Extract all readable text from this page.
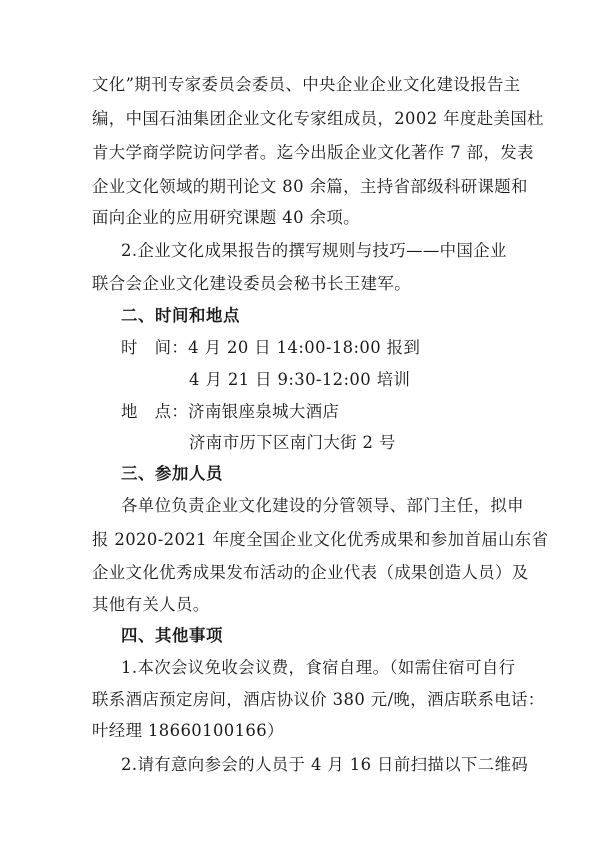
文化”期刊专家委员会委员、中央企业企业文化建设报告主
编，中国石油集团企业文化专家组成员，2002 年度赴美国杜
肯大学商学院访问学者。迄今出版企业文化著作 7 部，发表
企业文化领域的期刊论文 80 余篇，主持省部级科研课题和
面向企业的应用研究课题 40 余项。
2.企业文化成果报告的撰写规则与技巧——中国企业
联合会企业文化建设委员会秘书长王建军。
二、时间和地点
时　间：4 月 20 日 14:00-18:00 报到
4 月 21 日 9:30-12:00 培训
地　点：济南银座泉城大酒店
济南市历下区南门大街 2 号
三、参加人员
各单位负责企业文化建设的分管领导、部门主任，拟申
报 2020-2021 年度全国企业文化优秀成果和参加首届山东省
企业文化优秀成果发布活动的企业代表（成果创造人员）及
其他有关人员。
四、其他事项
1.本次会议免收会议费，食宿自理。（如需住宿可自行
联系酒店预定房间，酒店协议价 380 元/晚，酒店联系电话：
叶经理 18660100166）
2.请有意向参会的人员于 4 月 16 日前扫描以下二维码
